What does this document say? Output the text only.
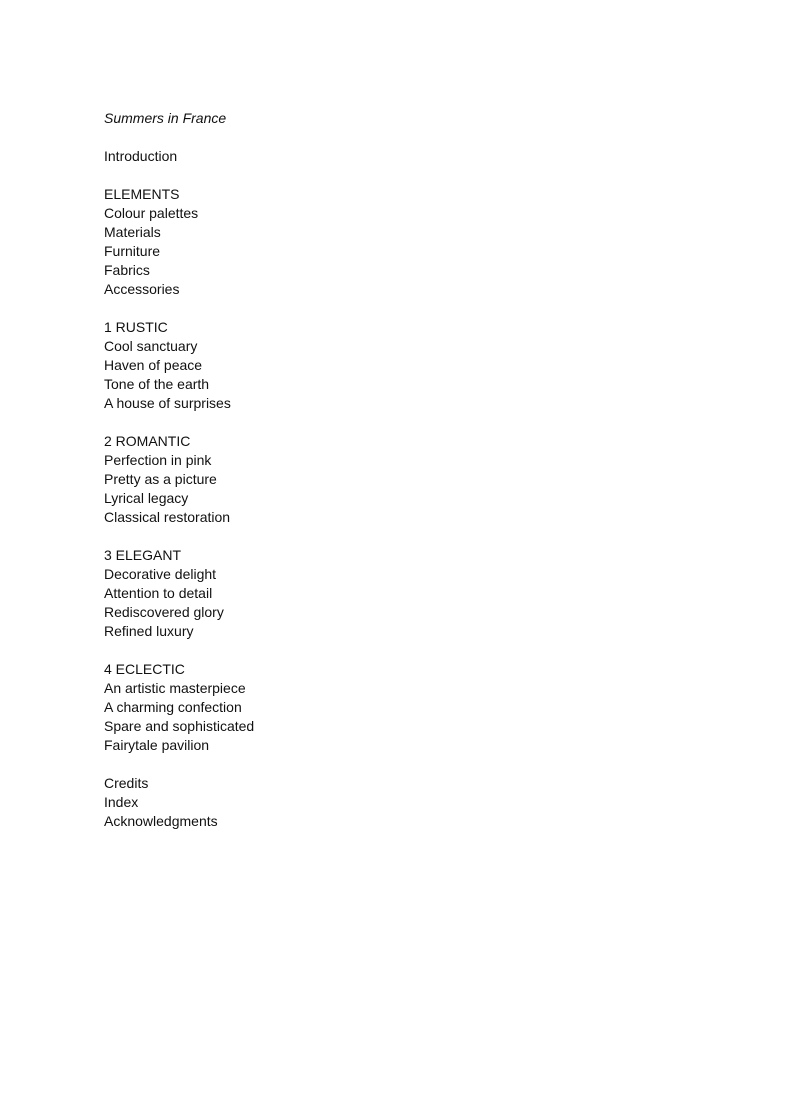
Summers in France

Introduction

ELEMENTS

Colour palettes

Materials

Furniture

Fabrics

Accessories

1 RUSTIC

Cool sanctuary

Haven of peace

Tone of the earth

A house of surprises

2 ROMANTIC

Perfection in pink

Pretty as a picture

Lyrical legacy

Classical restoration

3 ELEGANT

Decorative delight

Attention to detail

Rediscovered glory

Refined luxury

4 ECLECTIC

An artistic masterpiece

A charming confection

Spare and sophisticated

Fairytale pavilion

Credits

Index

Acknowledgments
